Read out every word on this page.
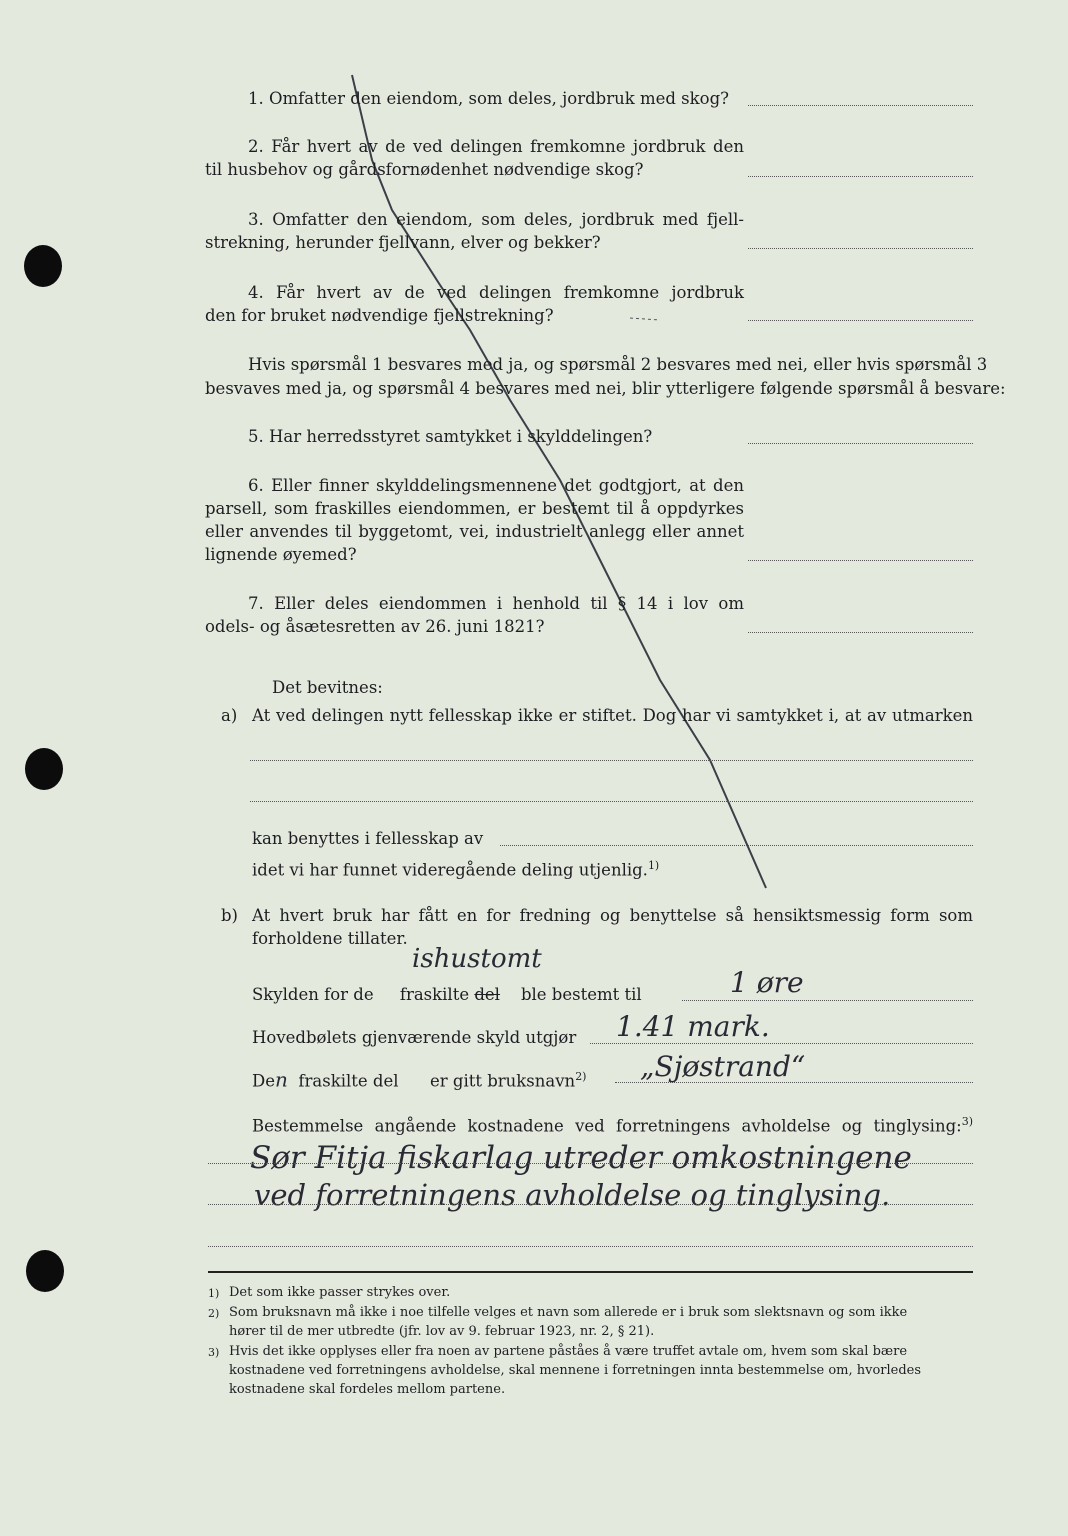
1. Omfatter den eiendom, som deles, jordbruk med skog?
2. Får hvert av de ved delingen fremkomne jordbruk den
til husbehov og gårdsfornødenhet nødvendige skog?
3. Omfatter den eiendom, som deles, jordbruk med fjell-
strekning, herunder fjellvann, elver og bekker?
4. Får hvert av de ved delingen fremkomne jordbruk
den for bruket nødvendige fjellstrekning?
Hvis spørsmål 1 besvares med ja, og spørsmål 2 besvares med nei, eller hvis spørsmål 3
besvaves med ja, og spørsmål 4 besvares med nei, blir ytterligere følgende spørsmål å besvare:
5. Har herredsstyret samtykket i skylddelingen?
6. Eller finner skylddelingsmennene det godtgjort, at den
parsell, som fraskilles eiendommen, er bestemt til å oppdyrkes
eller anvendes til byggetomt, vei, industrielt anlegg eller annet
lignende øyemed?
7. Eller deles eiendommen i henhold til § 14 i lov om
odels- og åsætesretten av 26. juni 1821?
Det bevitnes:
a) At ved delingen nytt fellesskap ikke er stiftet. Dog har vi samtykket i, at av utmarken
kan benyttes i fellesskap av
idet vi har funnet videregående deling utjenlig.$^{1)}$
b) At hvert bruk har fått en for fredning og benyttelse så hensiktsmessig form som
forholdene tillater.
ishustomt
Skylden for de fraskilte del ble bestemt til	1 øre
Hovedbølets gjenværende skyld utgjør 1.41 mark.
Den fraskilte del er gitt bruksnavn$^{2)}$ „Sjøstrand“
Bestemmelse angående kostnadene ved forretningens avholdelse og tinglysing:$^{3)}$
Sør Fitja fiskarlag utreder omkostningene
ved forretningens avholdelse og tinglysing.
1) Det som ikke passer strykes over.
2) Som bruksnavn må ikke i noe tilfelle velges et navn som allerede er i bruk som slektsnavn og som ikke
hører til de mer utbredte (jfr. lov av 9. februar 1923, nr. 2, § 21).
3) Hvis det ikke opplyses eller fra noen av partene påståes å være truffet avtale om, hvem som skal bære
kostnadene ved forretningens avholdelse, skal mennene i forretningen innta bestemmelse om, hvorledes
kostnadene skal fordeles mellom partene.
